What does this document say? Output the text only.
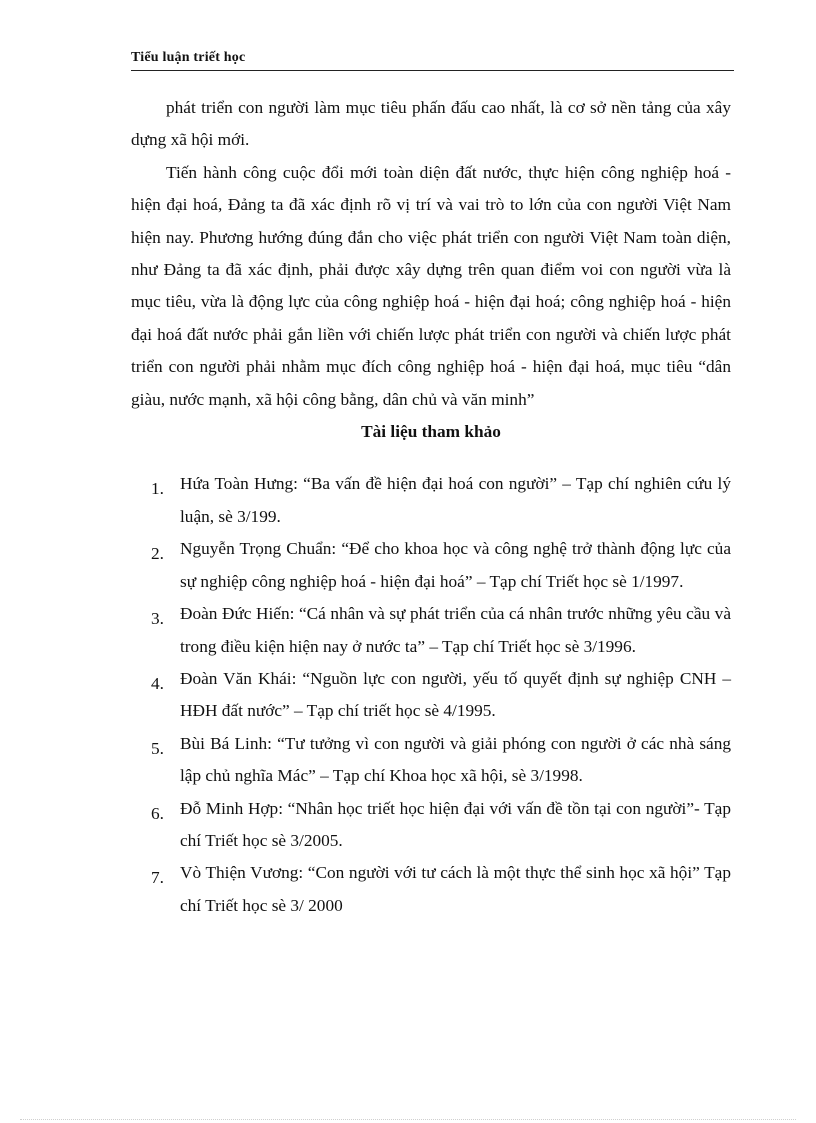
Tiểu luận triết học

phát triển con người làm mục tiêu phấn đấu cao nhất, là cơ sở nền tảng của xây dựng xã hội mới.

Tiến hành công cuộc đổi mới toàn diện đất nước, thực hiện công nghiệp hoá - hiện đại hoá, Đảng ta đã xác định rõ vị trí và vai trò to lớn của con người Việt Nam hiện nay. Phương hướng đúng đắn cho việc phát triển con người Việt Nam toàn diện, như Đảng ta đã xác định, phải được xây dựng trên quan điểm voi con người vừa là mục tiêu, vừa là động lực của công nghiệp hoá - hiện đại hoá; công nghiệp hoá - hiện đại hoá đất nước phải gắn liền với chiến lược phát triển con người và chiến lược phát triển con người phải nhằm mục đích công nghiệp hoá - hiện đại hoá, mục tiêu “dân giàu, nước mạnh, xã hội công bằng, dân chủ và văn minh”

Tài liệu tham khảo
1. Hứa Toàn Hưng: “Ba vấn đề hiện đại hoá con người” – Tạp chí nghiên cứu lý luận, sè 3/199.
2. Nguyễn Trọng Chuẩn: “Để cho khoa học và công nghệ trở thành động lực của sự nghiệp công nghiệp hoá - hiện đại hoá” – Tạp chí Triết học sè 1/1997.
3. Đoàn Đức Hiến: “Cá nhân và sự phát triển của cá nhân trước những yêu cầu và trong điều kiện hiện nay ở nước ta” – Tạp chí Triết học sè 3/1996.
4. Đoàn Văn Khái: “Nguồn lực con người, yếu tố quyết định sự nghiệp CNH – HĐH đất nước” – Tạp chí triết học sè 4/1995.
5. Bùi Bá Linh: “Tư tưởng vì con người và giải phóng con người ở các nhà sáng lập chủ nghĩa Mác” – Tạp chí Khoa học xã hội, sè 3/1998.
6. Đỗ Minh Hợp: “Nhân học triết học hiện đại với vấn đề tồn tại con người”- Tạp chí Triết học sè 3/2005.
7. Vò Thiện Vương: “Con người với tư cách là một thực thể sinh học xã hội” Tạp chí Triết học sè 3/ 2000
